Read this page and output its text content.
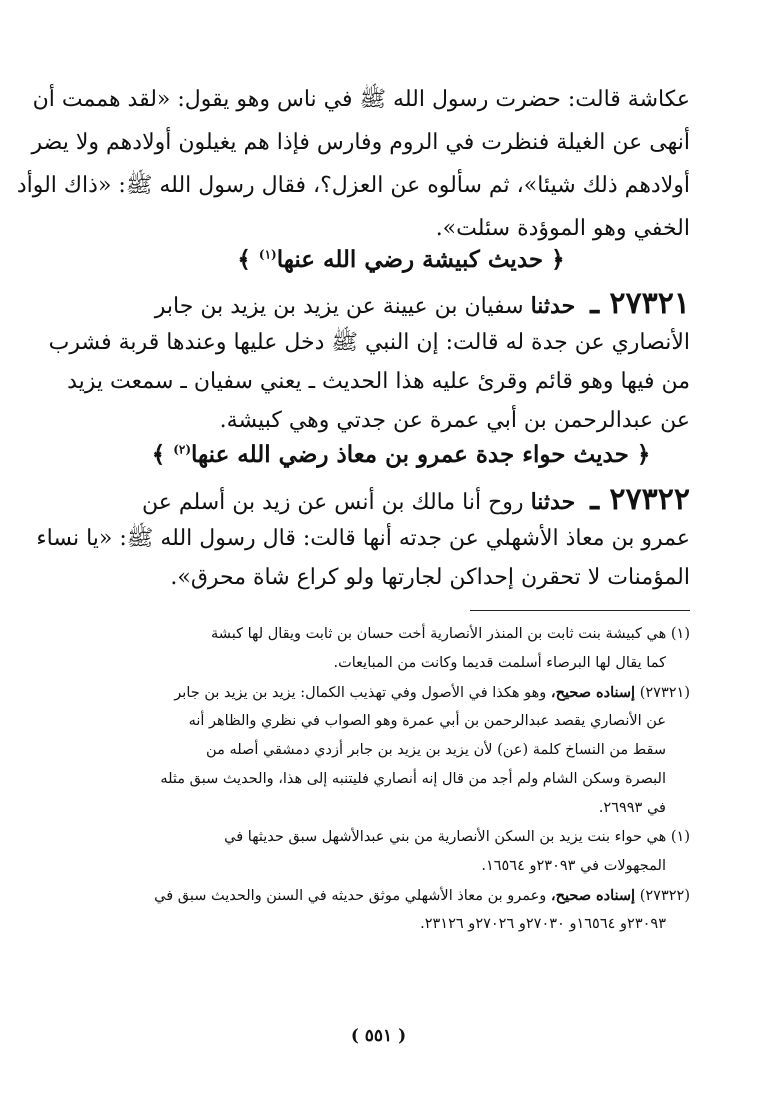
عكاشة قالت: حضرت رسول الله ﷺ في ناس وهو يقول: «لقد هممت أن
أنهى عن الغيلة فنظرت في الروم وفارس فإذا هم يغيلون أولادهم ولا يضر
أولادهم ذلك شيئا»، ثم سألوه عن العزل؟، فقال رسول الله ﷺ: «ذاك الوأد
الخفي وهو الموؤدة سئلت».
﴿ حديث كبيشة رضي الله عنها$^{(١)}$ ﴾
٢٧٣٢١ ـ حدثنا سفيان بن عيينة عن يزيد بن يزيد بن جابر
الأنصاري عن جدة له قالت: إن النبي ﷺ دخل عليها وعندها قربة فشرب
من فيها وهو قائم وقرئ عليه هذا الحديث ـ يعني سفيان ـ سمعت يزيد
عن عبدالرحمن بن أبي عمرة عن جدتي وهي كبيشة.
﴿ حديث حواء جدة عمرو بن معاذ رضي الله عنها$^{(٢)}$ ﴾
٢٧٣٢٢ ـ حدثنا روح أنا مالك بن أنس عن زيد بن أسلم عن
عمرو بن معاذ الأشهلي عن جدته أنها قالت: قال رسول الله ﷺ: «يا نساء
المؤمنات لا تحقرن إحداكن لجارتها ولو كراع شاة محرق».
(١) هي كبيشة بنت ثابت بن المنذر الأنصارية أخت حسان بن ثابت ويقال لها كبشة
كما يقال لها البرصاء أسلمت قديما وكانت من المبايعات.
(٢٧٣٢١) إسناده صحيح، وهو هكذا في الأصول وفي تهذيب الكمال: يزيد بن يزيد بن جابر
عن الأنصاري يقصد عبدالرحمن بن أبي عمرة وهو الصواب في نظري والظاهر أنه
سقط من النساخ كلمة (عن) لأن يزيد بن يزيد بن جابر أزدي دمشقي أصله من
البصرة وسكن الشام ولم أجد من قال إنه أنصاري فليتنبه إلى هذا، والحديث سبق مثله
في ٢٦٩٩٣.
(١) هي حواء بنت يزيد بن السكن الأنصارية من بني عبدالأشهل سبق حديثها في
المجهولات في ٢٣٠٩٣و ١٦٥٦٤.
(٢٧٣٢٢) إسناده صحيح، وعمرو بن معاذ الأشهلي موثق حديثه في السنن والحديث سبق في
٢٣٠٩٣و ١٦٥٦٤و ٢٧٠٣٠و ٢٧٠٢٦و ٢٣١٢٦.
( ٥٥١ )
